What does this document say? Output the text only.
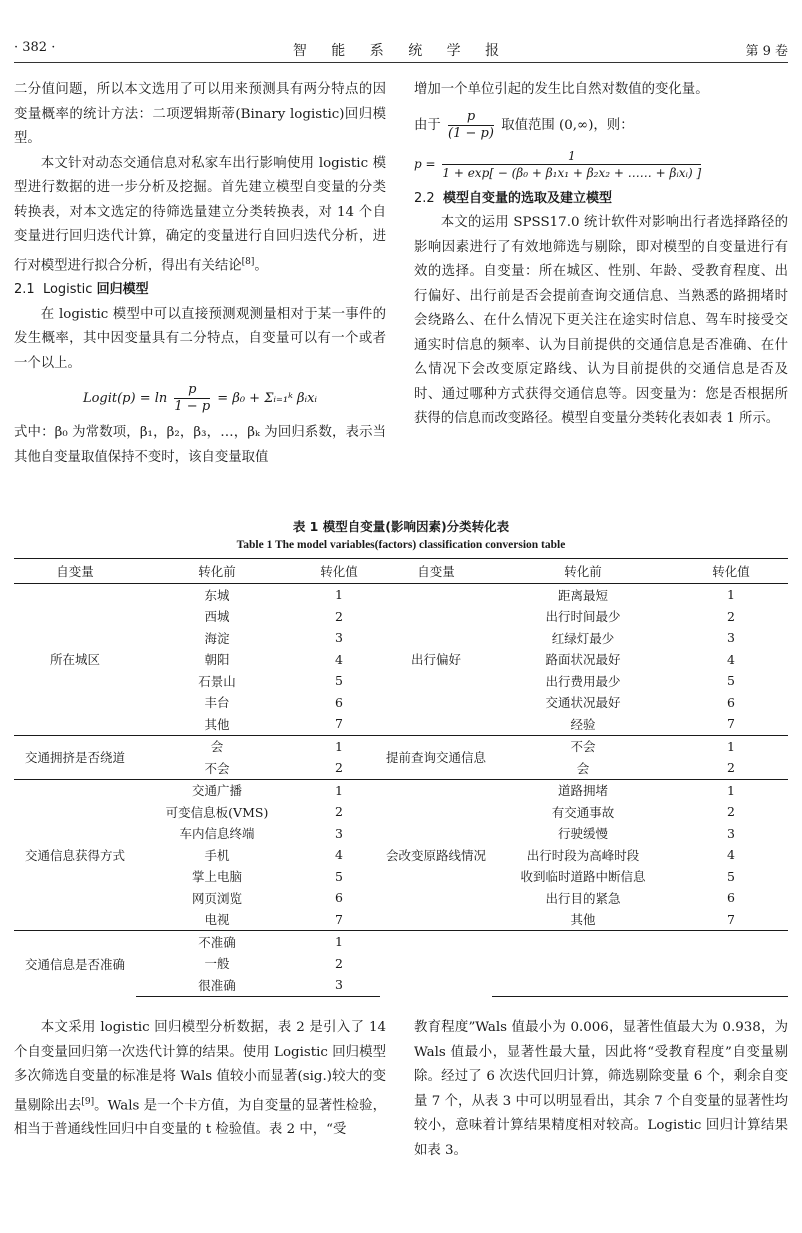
· 382 ·	智 能 系 统 学 报	第 9 卷

二分值问题，所以本文选用了可以用来预测具有两分特点的因变量概率的统计方法：二项逻辑斯蒂(Binary logistic)回归模型。

本文针对动态交通信息对私家车出行影响使用 logistic 模型进行数据的进一步分析及挖掘。首先建立模型自变量的分类转换表，对本文选定的待筛选量建立分类转换表，对 14 个自变量进行回归迭代计算，确定的变量进行自回归迭代分析，进行对模型进行拟合分析，得出有关结论[8]。

2.1 Logistic 回归模型

在 logistic 模型中可以直接预测观测量相对于某一事件的发生概率，其中因变量具有二分特点，自变量可以有一个或者一个以上。

Logit(p) = $\ln \frac{p}{1 - p} = \beta_0$ + Σᵢ₌₁ᵏ βᵢxᵢ

式中：β₀ 为常数项，β₁，β₂，β₃，…，βₖ 为回归系数，表示当其他自变量取值保持不变时，该自变量取值

增加一个单位引起的发生比自然对数值的变化量。

由于 $\frac{p}{(1 - p)}$ 取值范围 (0,∞)，则：
$p = \frac{1}{\text{1 + exp[ − (β₀ + β₁x₁ + β₂x₂ + …… + βᵢxᵢ) ]}}$

2.2 模型自变量的选取及建立模型

本文的运用 SPSS17.0 统计软件对影响出行者选择路径的影响因素进行了有效地筛选与剔除，即对模型的自变量进行有效的选择。自变量：所在城区、性别、年龄、受教育程度、出行偏好、出行前是否会提前查询交通信息、当熟悉的路拥堵时会绕路么、在什么情况下更关注在途实时信息、驾车时接受交通实时信息的频率、认为目前提供的交通信息是否准确、在什么情况下会改变原定路线、认为目前提供的交通信息是否及时、通过哪种方式获得交通信息等。因变量为：您是否根据所获得的信息而改变路径。模型自变量分类转化表如表 1 所示。

表 1 模型自变量(影响因素)分类转化表
Table 1 The model variables(factors) classification conversion table
自变量	转化前	转化值	自变量	转化前	转化值
所在城区	东城	1	出行偏好	距离最短	1
	西城	2		出行时间最少	2
	海淀	3		红绿灯最少	3
	朝阳	4		路面状况最好	4
	石景山	5		出行费用最少	5
	丰台	6		交通状况最好	6
	其他	7		经验	7
交通拥挤是否绕道	会	1	提前查询交通信息	不会	1
	不会	2		会	2
交通信息获得方式	交通广播	1	会改变原路线情况	道路拥堵	1
	可变信息板(VMS)	2		有交通事故	2
	车内信息终端	3		行驶缓慢	3
	手机	4		出行时段为高峰时段	4
	掌上电脑	5		收到临时道路中断信息	5
	网页浏览	6		出行目的紧急	6
	电视	7		其他	7
交通信息是否准确	不准确	1			
	一般	2			
	很准确	3			

本文采用 logistic 回归模型分析数据，表 2 是引入了 14 个自变量回归第一次迭代计算的结果。使用 Logistic 回归模型多次筛选自变量的标准是将 Wals 值较小而显著(sig.)较大的变量剔除出去[9]。Wals 是一个卡方值，为自变量的显著性检验，相当于普通线性回归中自变量的 t 检验值。表 2 中，“受

教育程度”Wals 值最小为 0.006，显著性值最大为 0.938，为 Wals 值最小，显著性最大量，因此将“受教育程度”自变量剔除。经过了 6 次迭代回归计算，筛选剔除变量 6 个，剩余自变量 7 个，从表 3 中可以明显看出，其余 7 个自变量的显著性均较小，意味着计算结果精度相对较高。Logistic 回归计算结果如表 3。
